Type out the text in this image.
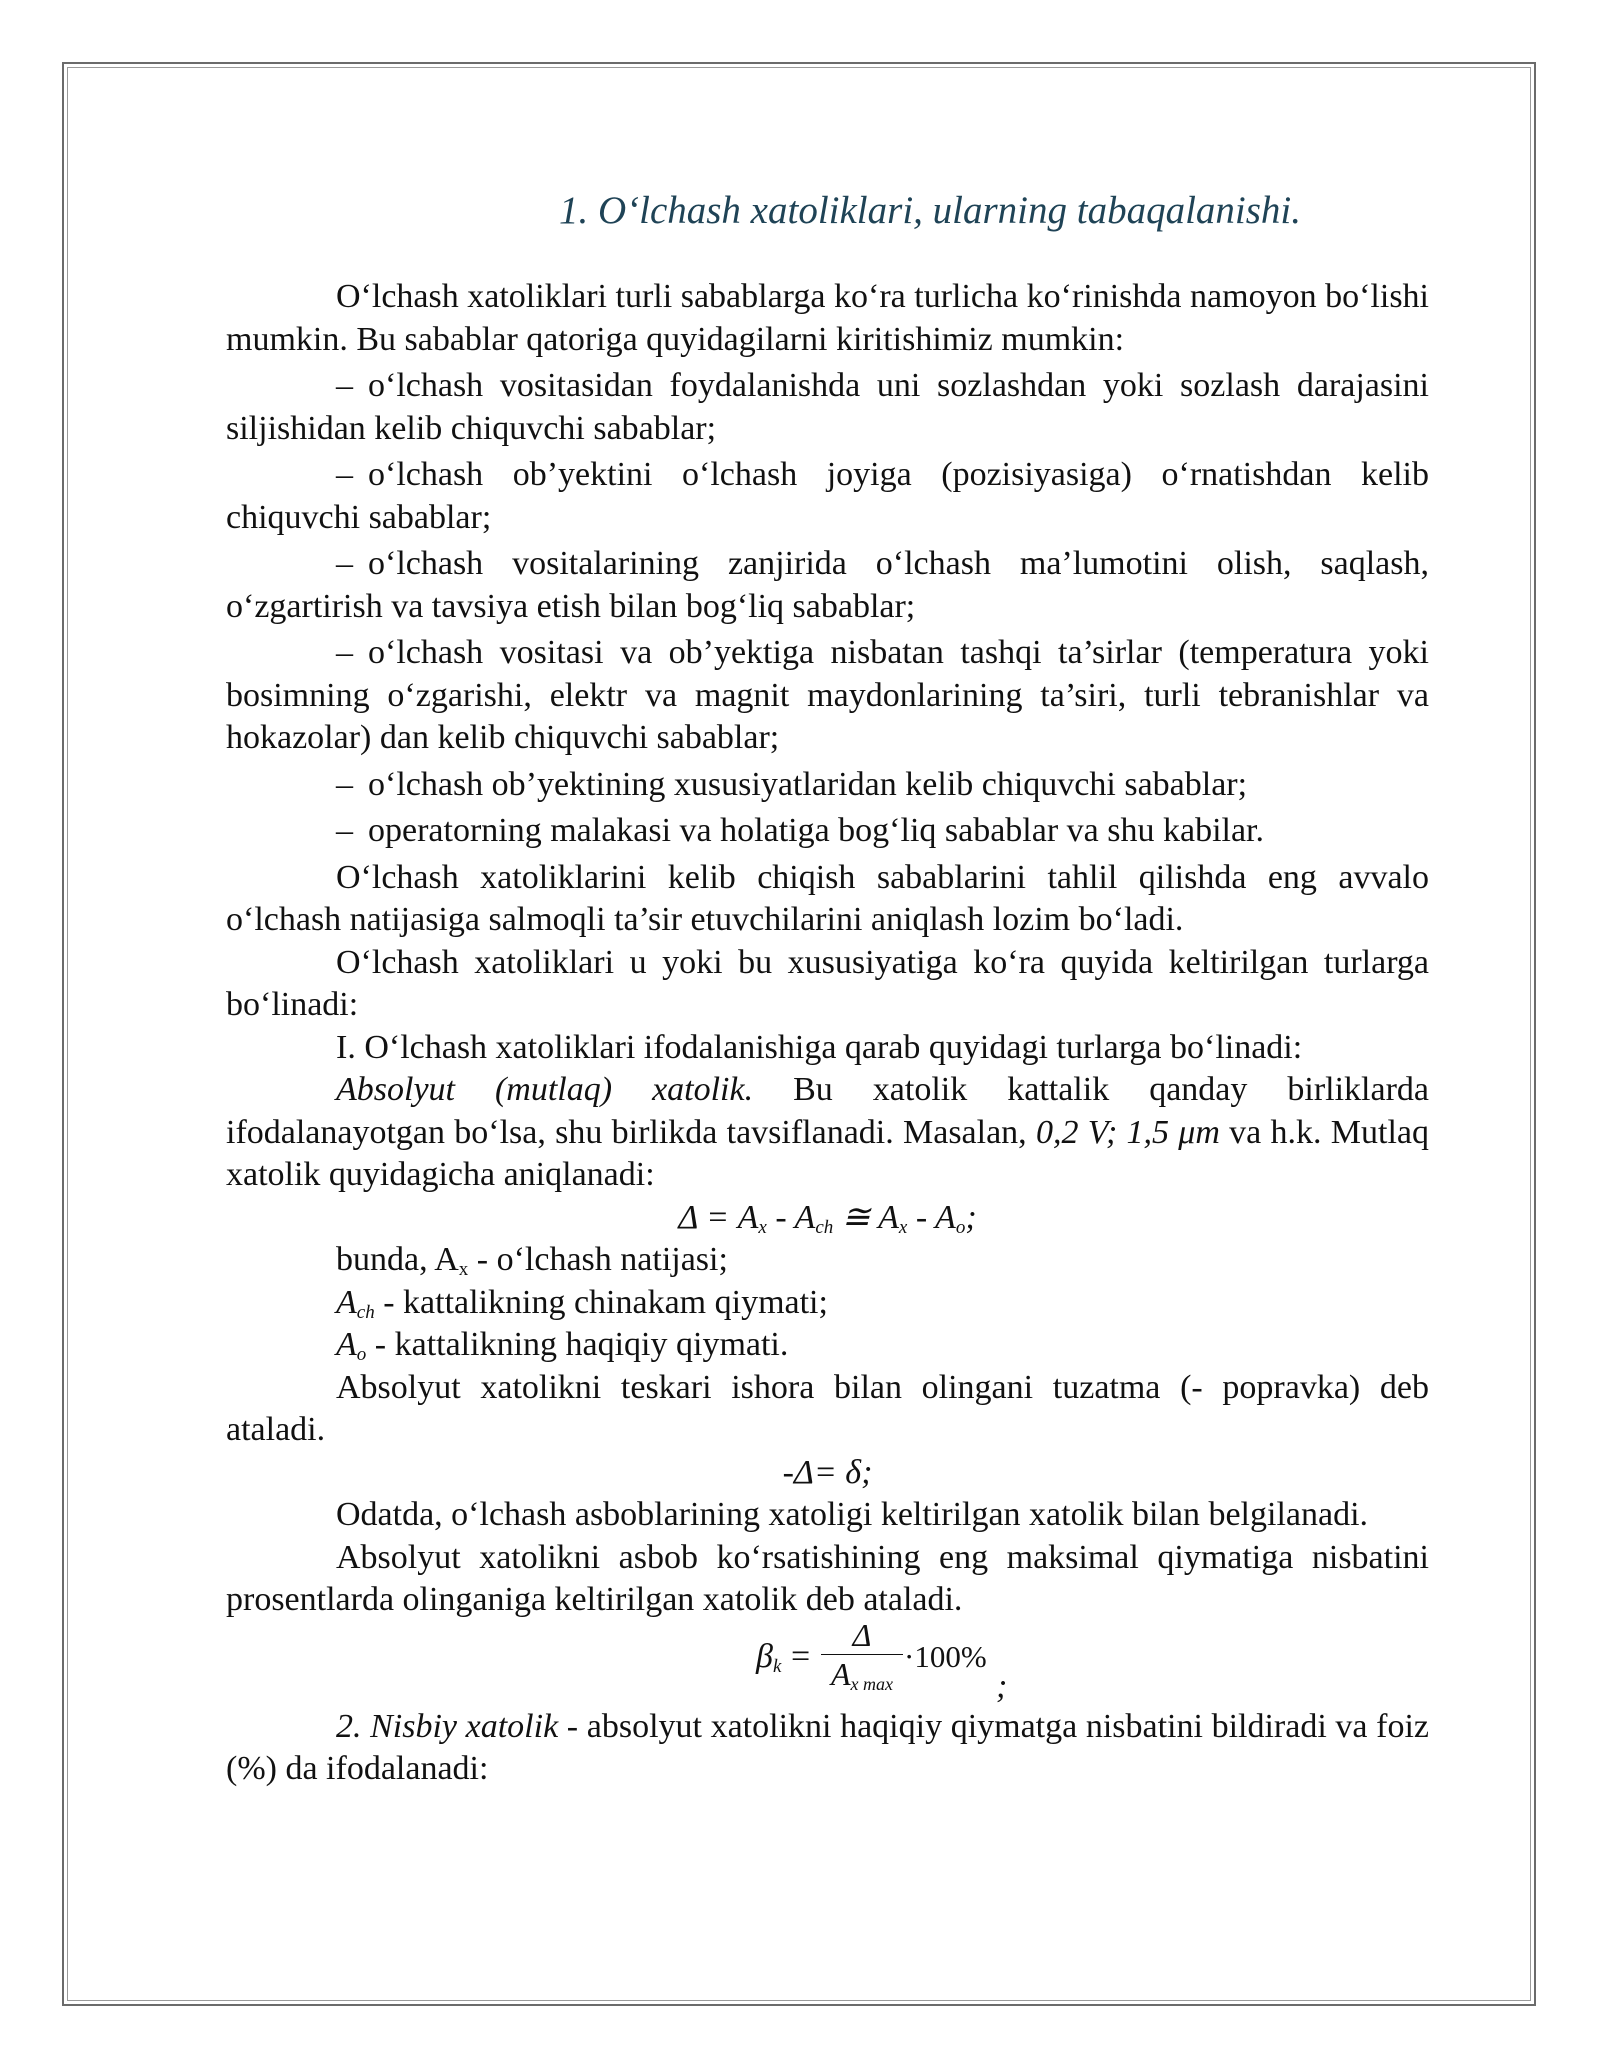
1. O‘lchash xatoliklari, ularning tabaqalanishi.

O‘lchash xatoliklari turli sabablarga ko‘ra turlicha ko‘rinishda namoyon bo‘lishi mumkin. Bu sabablar qatoriga quyidagilarni kiritishimiz mumkin:

– o‘lchash vositasidan foydalanishda uni sozlashdan yoki sozlash darajasini siljishidan kelib chiquvchi sabablar;

– o‘lchash ob’yektini o‘lchash joyiga (pozisiyasiga) o‘rnatishdan kelib chiquvchi sabablar;

– o‘lchash vositalarining zanjirida o‘lchash ma’lumotini olish, saqlash, o‘zgartirish va tavsiya etish bilan bog‘liq sabablar;

– o‘lchash vositasi va ob’yektiga nisbatan tashqi ta’sirlar (temperatura yoki bosimning o‘zgarishi, elektr va magnit maydonlarining ta’siri, turli tebranishlar va hokazolar) dan kelib chiquvchi sabablar;

– o‘lchash ob’yektining xususiyatlaridan kelib chiquvchi sabablar;

– operatorning malakasi va holatiga bog‘liq sabablar va shu kabilar.

O‘lchash xatoliklarini kelib chiqish sabablarini tahlil qilishda eng avvalo o‘lchash natijasiga salmoqli ta’sir etuvchilarini aniqlash lozim bo‘ladi.

O‘lchash xatoliklari u yoki bu xususiyatiga ko‘ra quyida keltirilgan turlarga bo‘linadi:

I. O‘lchash xatoliklari ifodalanishiga qarab quyidagi turlarga bo‘linadi:

Absolyut (mutlaq) xatolik. Bu xatolik kattalik qanday birliklarda ifodalanayotgan bo‘lsa, shu birlikda tavsiflanadi. Masalan, 0,2 V; 1,5 μm va h.k. Mutlaq xatolik quyidagicha aniqlanadi:

$\Delta = A_x - A_{ch}$ ≅ $A_x - A_o$;

bunda, $A_x$ - o‘lchash natijasi;

$A_{ch}$ - kattalikning chinakam qiymati;

$A_o$ - kattalikning haqiqiy qiymati.

Absolyut xatolikni teskari ishora bilan olingani tuzatma (- popravka) deb ataladi.

-Δ= δ;

Odatda, o‘lchash asboblarining xatoligi keltirilgan xatolik bilan belgilanadi.

Absolyut xatolikni asbob ko‘rsatishining eng maksimal qiymatiga nisbatini prosentlarda olinganiga keltirilgan xatolik deb ataladi.

$\beta_k$ =
Δ
$A_{x max}$
·100%
;

2. Nisbiy xatolik - absolyut xatolikni haqiqiy qiymatga nisbatini bildiradi va foiz (%) da ifodalanadi:
